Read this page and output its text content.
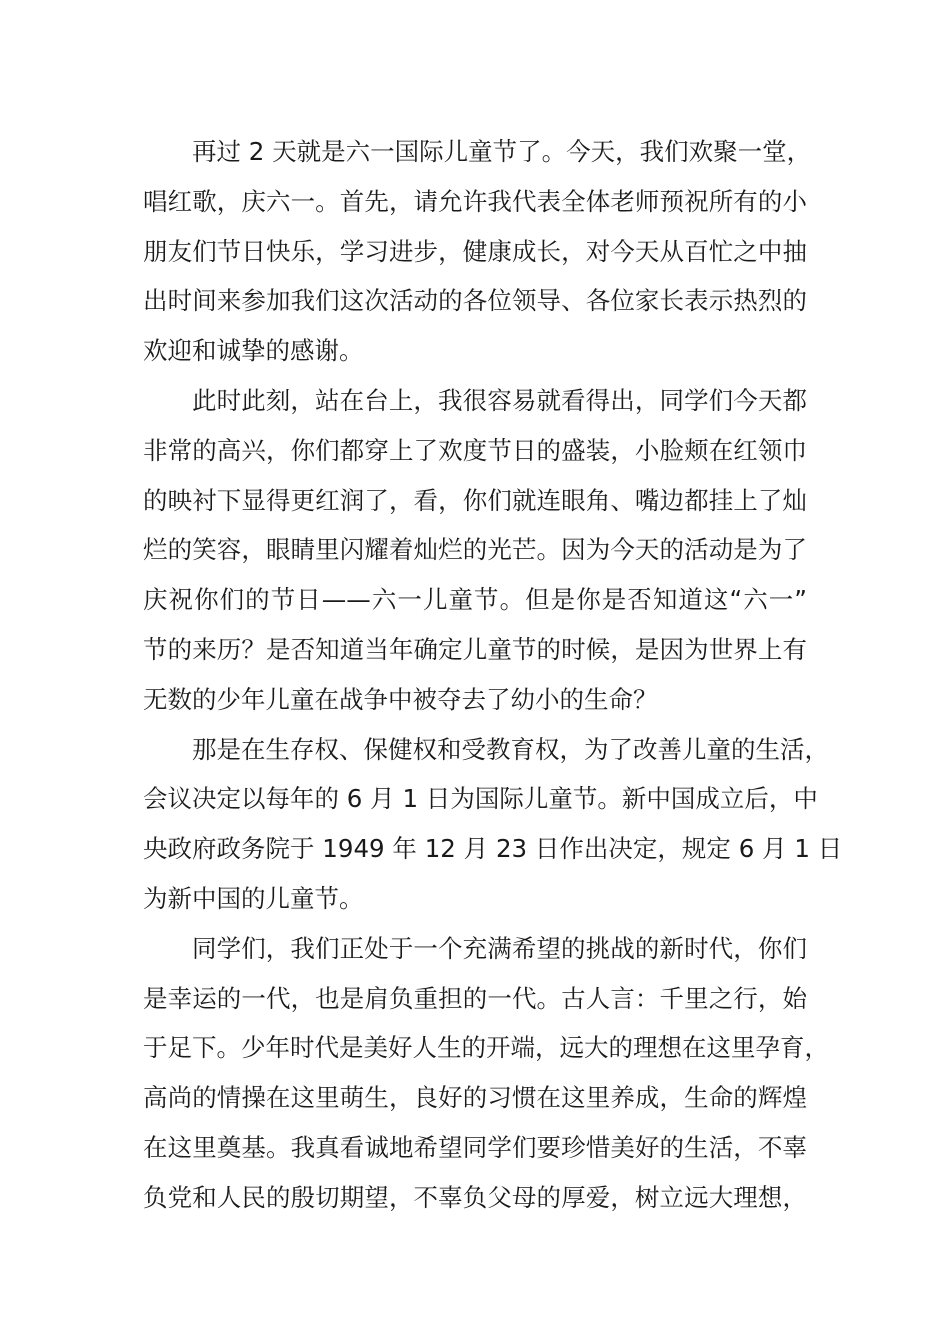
再过 2 天就是六一国际儿童节了。今天，我们欢聚一堂，
唱红歌，庆六一。首先，请允许我代表全体老师预祝所有的小
朋友们节日快乐，学习进步，健康成长，对今天从百忙之中抽
出时间来参加我们这次活动的各位领导、各位家长表示热烈的
欢迎和诚挚的感谢。
此时此刻，站在台上，我很容易就看得出，同学们今天都
非常的高兴，你们都穿上了欢度节日的盛装，小脸颊在红领巾
的映衬下显得更红润了，看，你们就连眼角、嘴边都挂上了灿
烂的笑容，眼睛里闪耀着灿烂的光芒。因为今天的活动是为了
庆祝你们的节日——六一儿童节。但是你是否知道这“六一”
节的来历？是否知道当年确定儿童节的时候，是因为世界上有
无数的少年儿童在战争中被夺去了幼小的生命？
那是在生存权、保健权和受教育权，为了改善儿童的生活，
会议决定以每年的 6 月 1 日为国际儿童节。新中国成立后，中
央政府政务院于 1949 年 12 月 23 日作出决定，规定 6 月 1 日
为新中国的儿童节。
同学们，我们正处于一个充满希望的挑战的新时代，你们
是幸运的一代，也是肩负重担的一代。古人言：千里之行，始
于足下。少年时代是美好人生的开端，远大的理想在这里孕育，
高尚的情操在这里萌生，良好的习惯在这里养成，生命的辉煌
在这里奠基。我真看诚地希望同学们要珍惜美好的生活，不辜
负党和人民的殷切期望，不辜负父母的厚爱，树立远大理想，
